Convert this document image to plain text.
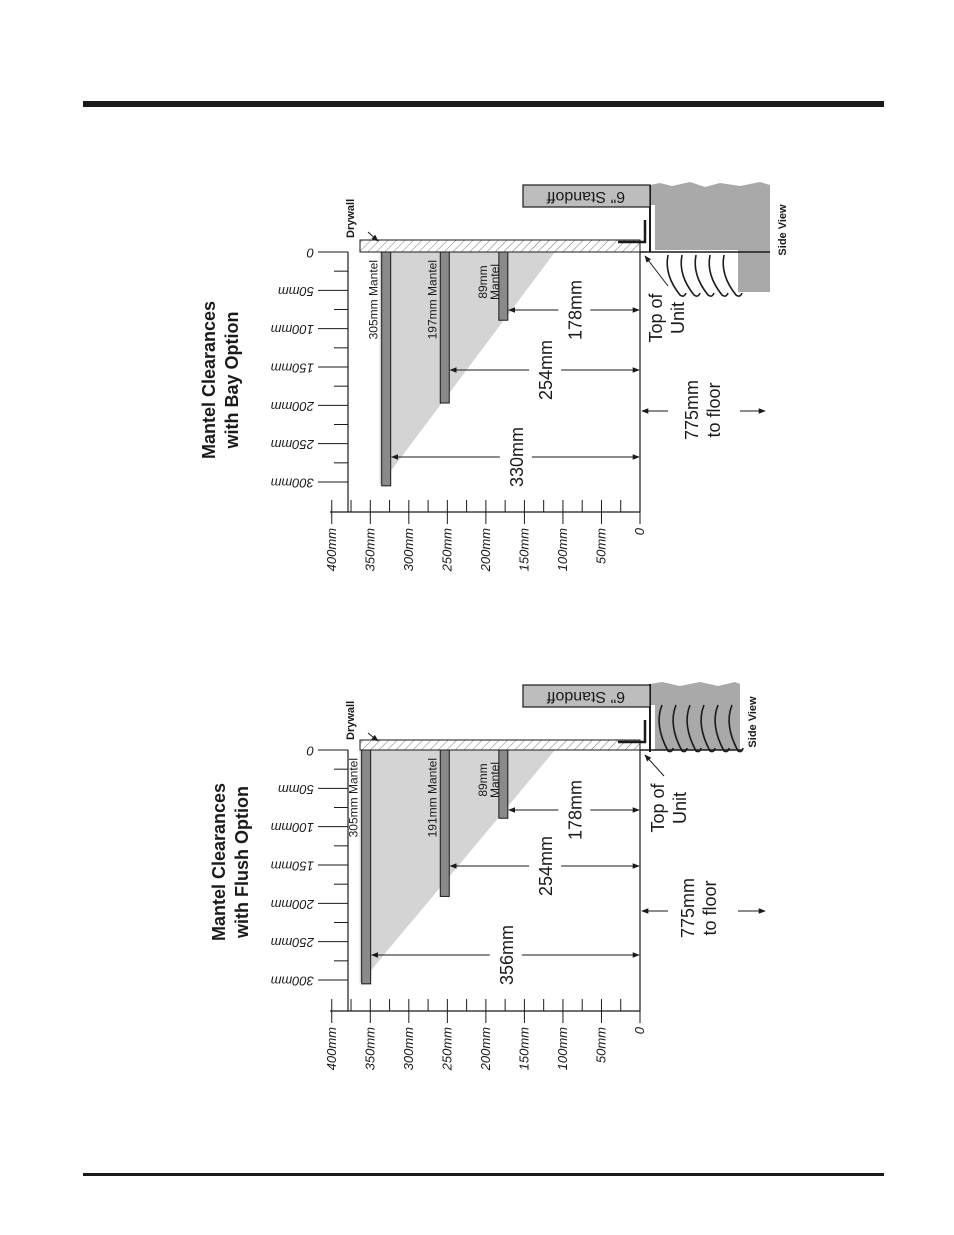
400mm 350mm 300mm 250mm 200mm 150mm 100mm 50mm 0
0
50mm
100mm
150mm
200mm
250mm
300mm
305mm Mantel	197mm Mantel	89mm
Mantel
330mm
254mm
178mm
6" Standoff
Side View
Drywall
Mantel Clearances with Bay Option	Top of Unit
775mm to floor
400mm 350mm 300mm 250mm 200mm 150mm 100mm 50mm 0
0
50mm
100mm
150mm
200mm
250mm
300mm
305mm Mantel	191mm Mantel	89mm
Mantel
356mm
254mm
178mm
6" Standoff
Side View
Drywall
Mantel Clearances with Flush Option	Top of Unit
775mm to floor
